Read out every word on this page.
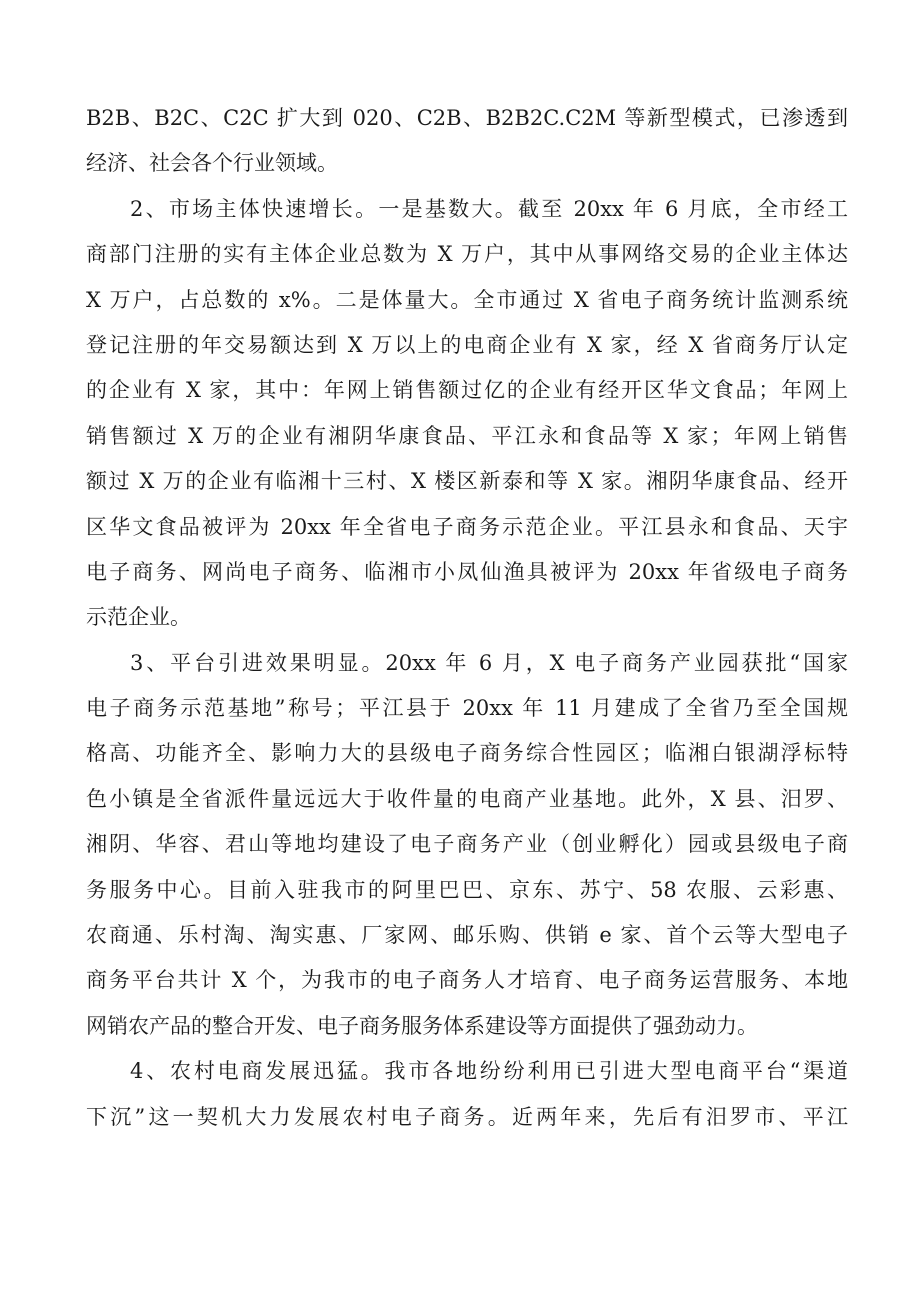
B2B、B2C、C2C 扩大到 020、C2B、B2B2C.C2M 等新型模式，已渗透到
经济、社会各个行业领域。
2、市场主体快速增长。一是基数大。截至 20xx 年 6 月底，全市经工
商部门注册的实有主体企业总数为 X 万户，其中从事网络交易的企业主体达
X 万户，占总数的 x%。二是体量大。全市通过 X 省电子商务统计监测系统
登记注册的年交易额达到 X 万以上的电商企业有 X 家，经 X 省商务厅认定
的企业有 X 家，其中：年网上销售额过亿的企业有经开区华文食品；年网上
销售额过 X 万的企业有湘阴华康食品、平江永和食品等 X 家；年网上销售
额过 X 万的企业有临湘十三村、X 楼区新泰和等 X 家。湘阴华康食品、经开
区华文食品被评为 20xx 年全省电子商务示范企业。平江县永和食品、天宇
电子商务、网尚电子商务、临湘市小凤仙渔具被评为 20xx 年省级电子商务
示范企业。
3、平台引进效果明显。20xx 年 6 月，X 电子商务产业园获批“国家
电子商务示范基地”称号；平江县于 20xx 年 11 月建成了全省乃至全国规
格高、功能齐全、影响力大的县级电子商务综合性园区；临湘白银湖浮标特
色小镇是全省派件量远远大于收件量的电商产业基地。此外，X 县、汨罗、
湘阴、华容、君山等地均建设了电子商务产业（创业孵化）园或县级电子商
务服务中心。目前入驻我市的阿里巴巴、京东、苏宁、58 农服、云彩惠、
农商通、乐村淘、淘实惠、厂家网、邮乐购、供销 e 家、首个云等大型电子
商务平台共计 X 个，为我市的电子商务人才培育、电子商务运营服务、本地
网销农产品的整合开发、电子商务服务体系建设等方面提供了强劲动力。
4、农村电商发展迅猛。我市各地纷纷利用已引进大型电商平台“渠道
下沉”这一契机大力发展农村电子商务。近两年来，先后有汨罗市、平江
